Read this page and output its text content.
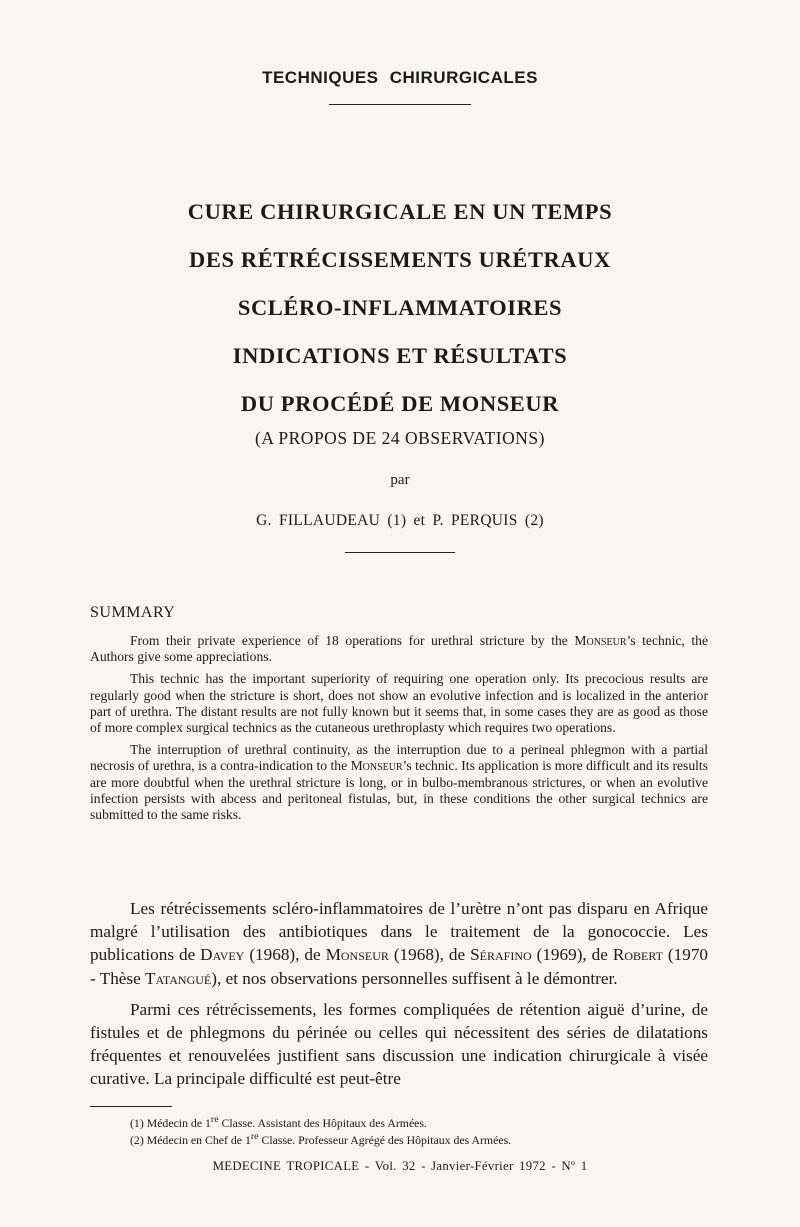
TECHNIQUES CHIRURGICALES
CURE CHIRURGICALE EN UN TEMPS
DES RÉTRÉCISSEMENTS URÉTRAUX
SCLÉRO-INFLAMMATOIRES
INDICATIONS ET RÉSULTATS
DU PROCÉDÉ DE MONSEUR
(A PROPOS DE 24 OBSERVATIONS)
par
G. FILLAUDEAU (1) et P. PERQUIS (2)
SUMMARY

From their private experience of 18 operations for urethral stricture by the Monseur’s technic, the Authors give some appreciations.

This technic has the important superiority of requiring one operation only. Its precocious results are regularly good when the stricture is short, does not show an evolutive infection and is localized in the anterior part of urethra. The distant results are not fully known but it seems that, in some cases they are as good as those of more complex surgical technics as the cutaneous urethroplasty which requires two operations.

The interruption of urethral continuity, as the interruption due to a perineal phlegmon with a partial necrosis of urethra, is a contra-indication to the Monseur’s technic. Its application is more difficult and its results are more doubtful when the urethral stricture is long, or in bulbo-membranous strictures, or when an evolutive infection persists with abcess and peritoneal fistulas, but, in these conditions the other surgical technics are submitted to the same risks.

Les rétrécissements scléro-inflammatoires de l’urètre n’ont pas disparu en Afrique malgré l’utilisation des antibiotiques dans le traitement de la gonococcie. Les publications de Davey (1968), de Monseur (1968), de Sérafino (1969), de Robert (1970 - Thèse Tatangué), et nos observations personnelles suffisent à le démontrer.

Parmi ces rétrécissements, les formes compliquées de rétention aiguë d’urine, de fistules et de phlegmons du périnée ou celles qui nécessitent des séries de dilatations fréquentes et renouvelées justifient sans discussion une indication chirurgicale à visée curative. La principale difficulté est peut-être

(1) Médecin de 1re Classe. Assistant des Hôpitaux des Armées.
(2) Médecin en Chef de 1re Classe. Professeur Agrégé des Hôpitaux des Armées.
MEDECINE TROPICALE - Vol. 32 - Janvier-Février 1972 - Nº 1
